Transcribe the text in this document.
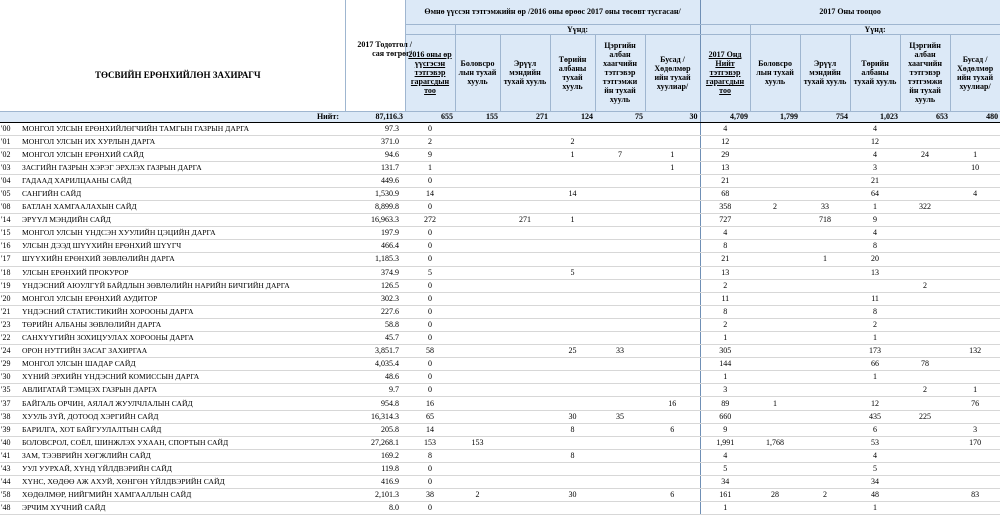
			Өмнө үүссэн тэтгэмжийн өр /2016 оны өрөөс 2017 оны төсөвт тусгасан/						2017 Оны тооцоо					
				Үүнд:						Үүнд:				
			2016 оны өр үүсгэсэн тэтгэвэр гарагсдын тоо	Боловсро лын тухай хууль	Эрүүл мэндийн тухай хууль	Төрийн албаны тухай хууль	Цэргийн албан хаагчийн тэтгэвэр тэтгэмжи йн тухай хууль	Бусад /Хөдөлмөр ийн тухай хуулиар/	2017 Онд Нийт тэтгэвэр гарагсдын тоо	Боловсро лын тухай хууль	Эрүүл мэндийн тухай хууль	Төрийн албаны тухай хууль	Цэргийн албан хаагчийн тэтгэвэр тэтгэмжи йн тухай хууль	Бусад /Хөдөлмөр ийн тухай хуулиар/
Нийт:		87,116.3	655	155	271	124	75	30	4,709	1,799	754	1,023	653	480
'00	МОНГОЛ УЛСЫН ЕРӨНХИЙЛӨГЧИЙН ТАМГЫН ГАЗРЫН ДАРГА	97.3	0						4			4		
'01	МОНГОЛ УЛСЫН ИХ ХУРЛЫН ДАРГА	371.0	2			2			12			12		
'02	МОНГОЛ УЛСЫН ЕРӨНХИЙ САЙД	94.6	9			1	7	1	29			4	24	1
'03	ЗАСГИЙН ГАЗРЫН ХЭРЭГ ЭРХЛЭХ ГАЗРЫН ДАРГА	131.7	1					1	13			3		10
'04	ГАДААД ХАРИЛЦААНЫ САЙД	449.6	0						21			21		
'05	САНГИЙН САЙД	1,530.9	14			14			68			64		4
'08	БАТЛАН ХАМГААЛАХЫН САЙД	8,899.8	0						358	2	33	1	322	
'14	ЭРҮҮЛ МЭНДИЙН САЙД	16,963.3	272		271	1			727		718	9		
'15	МОНГОЛ УЛСЫН ҮНДСЭН ХУУЛИЙН ЦЭЦИЙН ДАРГА	197.9	0						4			4		
'16	УЛСЫН ДЭЭД ШҮҮХИЙН ЕРӨНХИЙ ШҮҮГЧ	466.4	0						8			8		
'17	ШҮҮХИЙН ЕРӨНХИЙ ЗӨВЛӨЛИЙН ДАРГА	1,185.3	0						21		1	20		
'18	УЛСЫН ЕРӨНХИЙ ПРОКУРОР	374.9	5			5			13			13		
'19	ҮНДЭСНИЙ АЮУЛГҮЙ БАЙДЛЫН ЗӨВЛӨЛИЙН НАРИЙН БИЧГИЙН ДАРГА	126.5	0						2				2	
'20	МОНГОЛ УЛСЫН ЕРӨНХИЙ АУДИТОР	302.3	0						11			11		
'21	ҮНДЭСНИЙ СТАТИСТИКИЙН ХОРООНЫ ДАРГА	227.6	0						8			8		
'23	ТӨРИЙН АЛБАНЫ ЗӨВЛӨЛИЙН ДАРГА	58.8	0						2			2		
'22	САНХҮҮГИЙН ЗОХИЦУУЛАХ ХОРООНЫ ДАРГА	45.7	0						1			1		
'24	ОРОН НУТГИЙН ЗАСАГ ЗАХИРГАА	3,851.7	58			25	33		305			173		132
'29	МОНГОЛ УЛСЫН ШАДАР САЙД	4,035.4	0						144			66	78	
'30	ХҮНИЙ ЭРХИЙН ҮНДЭСНИЙ КОМИССЫН ДАРГА	48.6	0						1			1		
'35	АВЛИГАТАЙ ТЭМЦЭХ ГАЗРЫН ДАРГА	9.7	0						3				2	1
'37	БАЙГАЛЬ ОРЧИН, АЯЛАЛ ЖУУЛЧЛАЛЫН САЙД	954.8	16					16	89	1		12		76
'38	ХУУЛЬ ЗҮЙ, ДОТООД ХЭРГИЙН САЙД	16,314.3	65			30	35		660			435	225	
'39	БАРИЛГА, ХОТ БАЙГУУЛАЛТЫН САЙД	205.8	14			8		6	9			6		3
'40	БОЛОВСРОЛ, СОЁЛ, ШИНЖЛЭХ УХААН, СПОРТЫН САЙД	27,268.1	153	153					1,991	1,768		53		170
'41	ЗАМ, ТЭЭВРИЙН ХӨГЖЛИЙН САЙД	169.2	8			8			4			4		
'43	УУЛ УУРХАЙ, ХҮНД ҮЙЛДВЭРИЙН САЙД	119.8	0						5			5		
'44	ХҮНС, ХӨДӨӨ АЖ АХУЙ, ХӨНГӨН ҮЙЛДВЭРИЙН САЙД	416.9	0						34			34		
'58	ХӨДӨЛМӨР, НИЙГМИЙН ХАМГААЛЛЫН САЙД	2,101.3	38	2		30		6	161	28	2	48		83
'48	ЭРЧИМ ХҮЧНИЙ САЙД	8.0	0						1			1		
ТӨСВИЙН ЕРӨНХИЙЛӨН ЗАХИРАГЧ
2017 Тодотгол /сая төгрөг/
